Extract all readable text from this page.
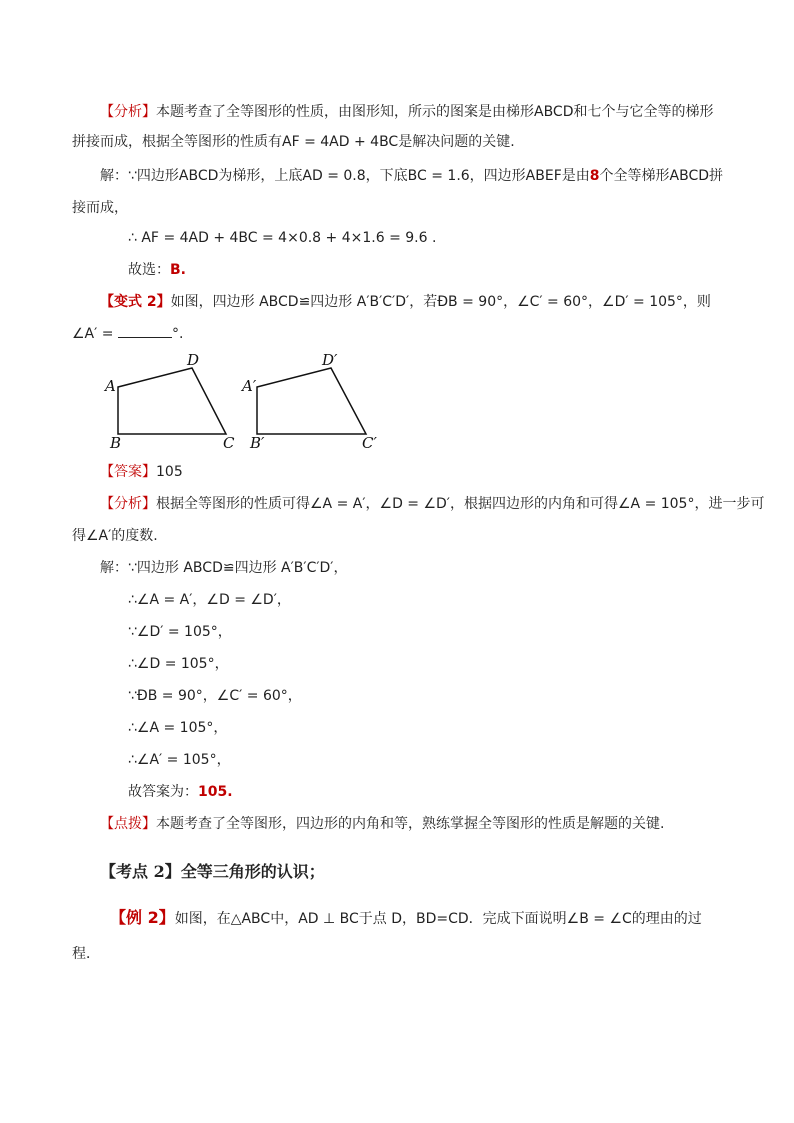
【分析】本题考查了全等图形的性质，由图形知，所示的图案是由梯形ABCD和七个与它全等的梯形
拼接而成，根据全等图形的性质有AF = 4AD + 4BC是解决问题的关键.
解：∵四边形ABCD为梯形，上底AD = 0.8，下底BC = 1.6，四边形ABEF是由8个全等梯形ABCD拼
接而成，
∴ AF = 4AD + 4BC = 4×0.8 + 4×1.6 = 9.6 .
故选：B.
【变式 2】如图，四边形 ABCD≌四边形 A′B′C′D′，若ÐB = 90°，∠C′ = 60°，∠D′ = 105°，则
∠A′ =	°.
A
B	C
D
A′
B′	C′
D′
【答案】105
【分析】根据全等图形的性质可得∠A = A′，∠D = ∠D′，根据四边形的内角和可得∠A = 105°，进一步可
得∠A′的度数.
解：∵四边形 ABCD≌四边形 A′B′C′D′，
∴∠A = A′，∠D = ∠D′，
∵∠D′ = 105°，
∴∠D = 105°，
∵ÐB = 90°，∠C′ = 60°，
∴∠A = 105°，
∴∠A′ = 105°，
故答案为：105.
【点拨】本题考查了全等图形，四边形的内角和等，熟练掌握全等图形的性质是解题的关键.
【考点 2】全等三角形的认识；
【例 2】如图，在△ABC中，AD ⊥ BC于点 D，BD=CD．完成下面说明∠B = ∠C的理由的过
程．
